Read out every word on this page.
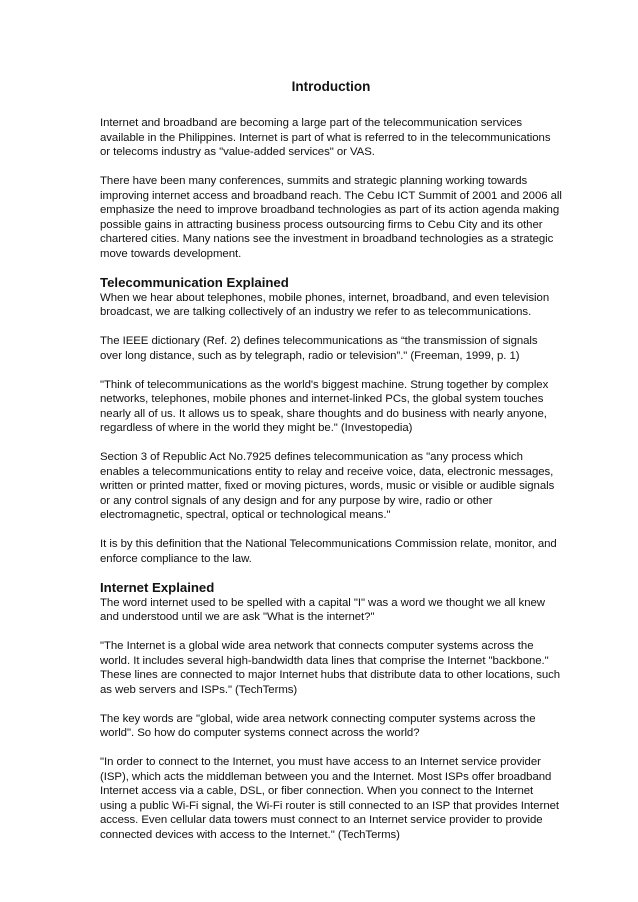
Introduction

Internet and broadband are becoming a large part of the telecommunication services available in the Philippines. Internet is part of what is referred to in the telecommunications or telecoms industry as "value-added services" or VAS.

There have been many conferences, summits and strategic planning working towards improving internet access and broadband reach. The Cebu ICT Summit of 2001 and 2006 all emphasize the need to improve broadband technologies as part of its action agenda making possible gains in attracting business process outsourcing firms to Cebu City and its other chartered cities. Many nations see the investment in broadband technologies as a strategic move towards development.

Telecommunication Explained

When we hear about telephones, mobile phones, internet, broadband, and even television broadcast, we are talking collectively of an industry we refer to as telecommunications.

The IEEE dictionary (Ref. 2) defines telecommunications as “the transmission of signals over long distance, such as by telegraph, radio or television”." (Freeman, 1999, p. 1)

"Think of telecommunications as the world's biggest machine. Strung together by complex networks, telephones, mobile phones and internet-linked PCs, the global system touches nearly all of us. It allows us to speak, share thoughts and do business with nearly anyone, regardless of where in the world they might be." (Investopedia)

Section 3 of Republic Act No.7925 defines telecommunication as "any process which enables a telecommunications entity to relay and receive voice, data, electronic messages, written or printed matter, fixed or moving pictures, words, music or visible or audible signals or any control signals of any design and for any purpose by wire, radio or other electromagnetic, spectral, optical or technological means."

It is by this definition that the National Telecommunications Commission relate, monitor, and enforce compliance to the law.

Internet Explained

The word internet used to be spelled with a capital "I" was a word we thought we all knew and understood until we are ask "What is the internet?"

"The Internet is a global wide area network that connects computer systems across the world. It includes several high-bandwidth data lines that comprise the Internet "backbone." These lines are connected to major Internet hubs that distribute data to other locations, such as web servers and ISPs." (TechTerms)

The key words are "global, wide area network connecting computer systems across the world". So how do computer systems connect across the world?

"In order to connect to the Internet, you must have access to an Internet service provider (ISP), which acts the middleman between you and the Internet. Most ISPs offer broadband Internet access via a cable, DSL, or fiber connection. When you connect to the Internet using a public Wi-Fi signal, the Wi-Fi router is still connected to an ISP that provides Internet access. Even cellular data towers must connect to an Internet service provider to provide connected devices with access to the Internet." (TechTerms)
